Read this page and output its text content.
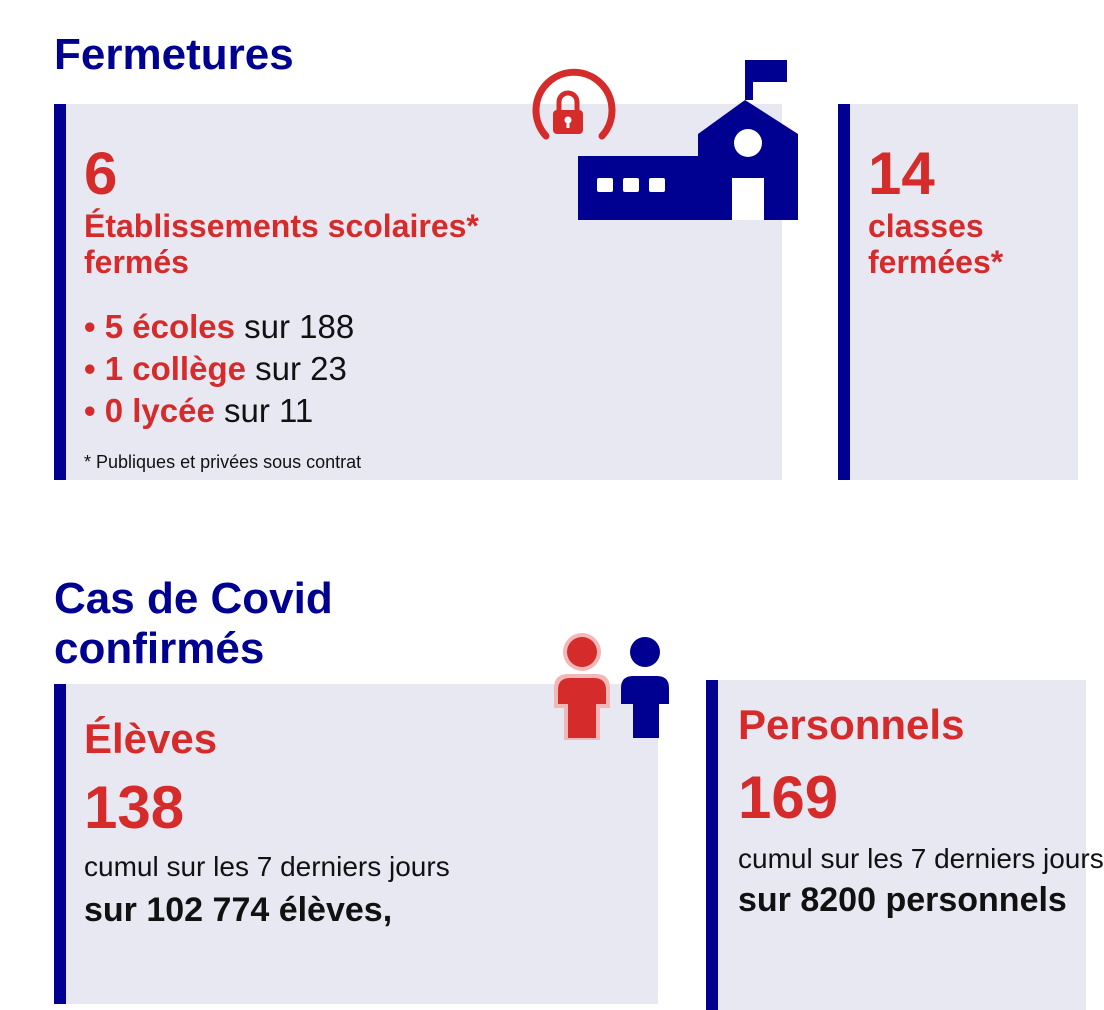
Fermetures
6
Établissements scolaires* fermés
• 5 écoles sur 188
• 1 collège sur 23
• 0 lycée sur 11
* Publiques et privées sous contrat
14
classes
fermées*
Cas de Covid
confirmés
Élèves
138
cumul sur les 7 derniers jours
sur 102 774 élèves,
Personnels
169
cumul sur les 7 derniers jours
sur 8200 personnels
